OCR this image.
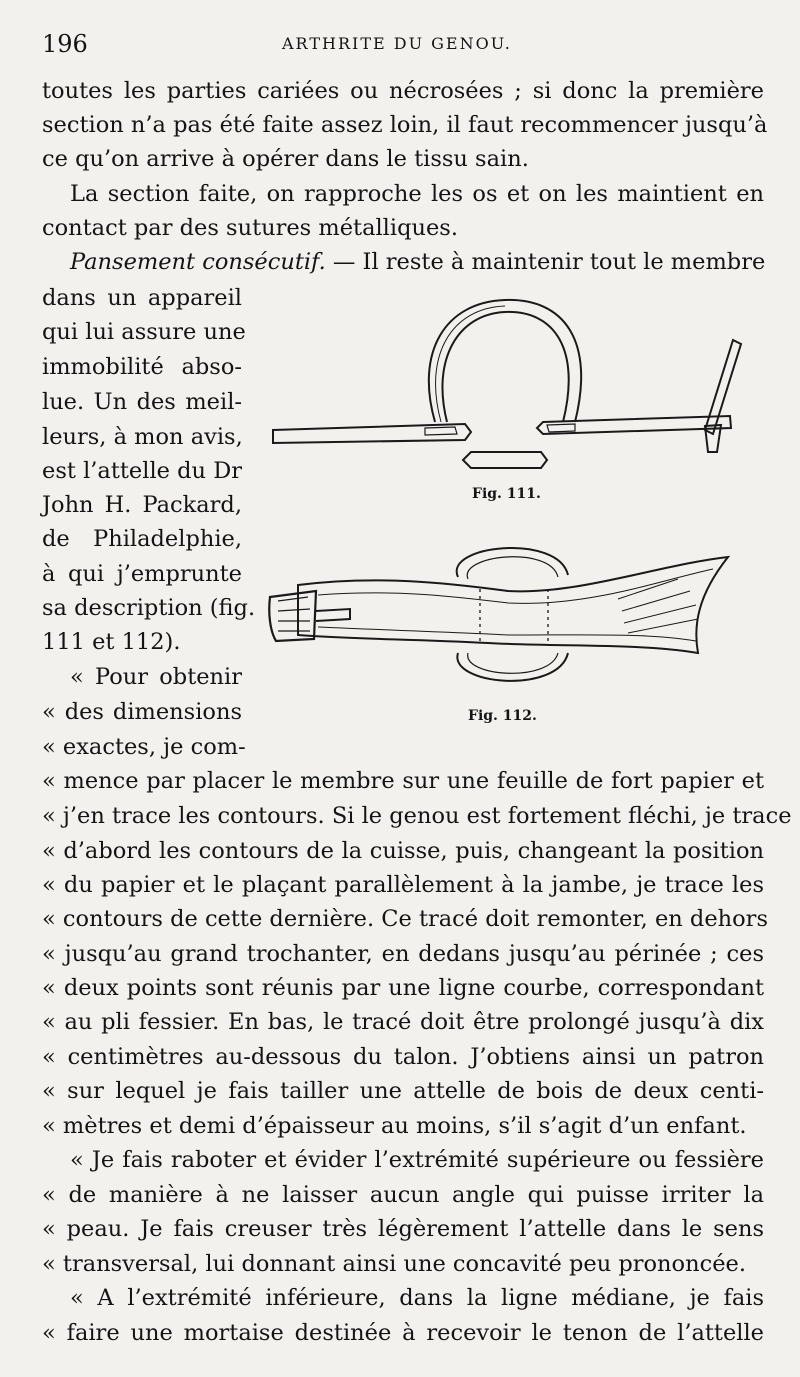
196	ARTHRITE DU GENOU.
toutes les parties cariées ou nécrosées ; si donc la première
section n’a pas été faite assez loin, il faut recommencer jusqu’à
ce qu’on arrive à opérer dans le tissu sain.
La section faite, on rapproche les os et on les maintient en
contact par des sutures métalliques.
Pansement consécutif. — Il reste à maintenir tout le membre
dans un appareil
qui lui assure une
immobilité abso-
lue. Un des meil-
leurs, à mon avis,
est l’attelle du Dr
John H. Packard,
de Philadelphie,
à qui j’emprunte
sa description (fig.
111 et 112).
« Pour obtenir
« des dimensions
« exactes, je com-
« mence par placer le membre sur une feuille de fort papier et
« j’en trace les contours. Si le genou est fortement fléchi, je trace
« d’abord les contours de la cuisse, puis, changeant la position
« du papier et le plaçant parallèlement à la jambe, je trace les
« contours de cette dernière. Ce tracé doit remonter, en dehors
« jusqu’au grand trochanter, en dedans jusqu’au périnée ; ces
« deux points sont réunis par une ligne courbe, correspondant
« au pli fessier. En bas, le tracé doit être prolongé jusqu’à dix
« centimètres au-dessous du talon. J’obtiens ainsi un patron
« sur lequel je fais tailler une attelle de bois de deux centi-
« mètres et demi d’épaisseur au moins, s’il s’agit d’un enfant.
« Je fais raboter et évider l’extrémité supérieure ou fessière
« de manière à ne laisser aucun angle qui puisse irriter la
« peau. Je fais creuser très légèrement l’attelle dans le sens
« transversal, lui donnant ainsi une concavité peu prononcée.
« A l’extrémité inférieure, dans la ligne médiane, je fais
« faire une mortaise destinée à recevoir le tenon de l’attelle
Fig. 111.
Fig. 112.
